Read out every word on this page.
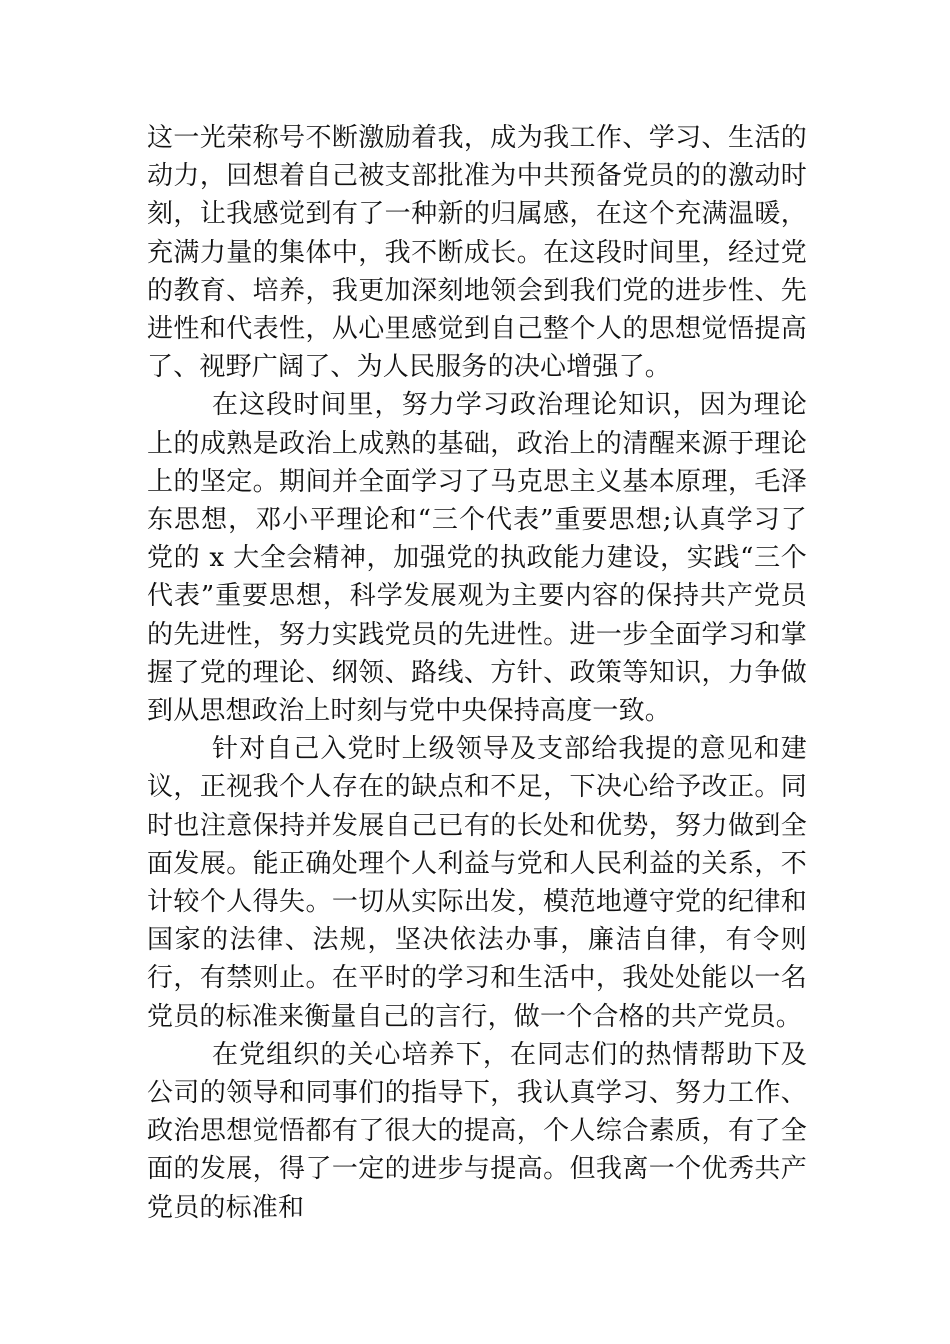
这一光荣称号不断激励着我，成为我工作、学习、生活的动力，回想着自己被支部批准为中共预备党员的的激动时刻，让我感觉到有了一种新的归属感，在这个充满温暖，充满力量的集体中，我不断成长。在这段时间里，经过党的教育、培养，我更加深刻地领会到我们党的进步性、先进性和代表性，从心里感觉到自己整个人的思想觉悟提高了、视野广阔了、为人民服务的决心增强了。

在这段时间里，努力学习政治理论知识，因为理论上的成熟是政治上成熟的基础，政治上的清醒来源于理论上的坚定。期间并全面学习了马克思主义基本原理，毛泽东思想，邓小平理论和“三个代表”重要思想;认真学习了党的 x 大全会精神，加强党的执政能力建设，实践“三个代表”重要思想，科学发展观为主要内容的保持共产党员的先进性，努力实践党员的先进性。进一步全面学习和掌握了党的理论、纲领、路线、方针、政策等知识，力争做到从思想政治上时刻与党中央保持高度一致。

针对自己入党时上级领导及支部给我提的意见和建议，正视我个人存在的缺点和不足，下决心给予改正。同时也注意保持并发展自己已有的长处和优势，努力做到全面发展。能正确处理个人利益与党和人民利益的关系，不计较个人得失。一切从实际出发，模范地遵守党的纪律和国家的法律、法规，坚决依法办事，廉洁自律，有令则行，有禁则止。在平时的学习和生活中，我处处能以一名党员的标准来衡量自己的言行，做一个合格的共产党员。

在党组织的关心培养下，在同志们的热情帮助下及公司的领导和同事们的指导下，我认真学习、努力工作、政治思想觉悟都有了很大的提高，个人综合素质，有了全面的发展，得了一定的进步与提高。但我离一个优秀共产党员的标准和
